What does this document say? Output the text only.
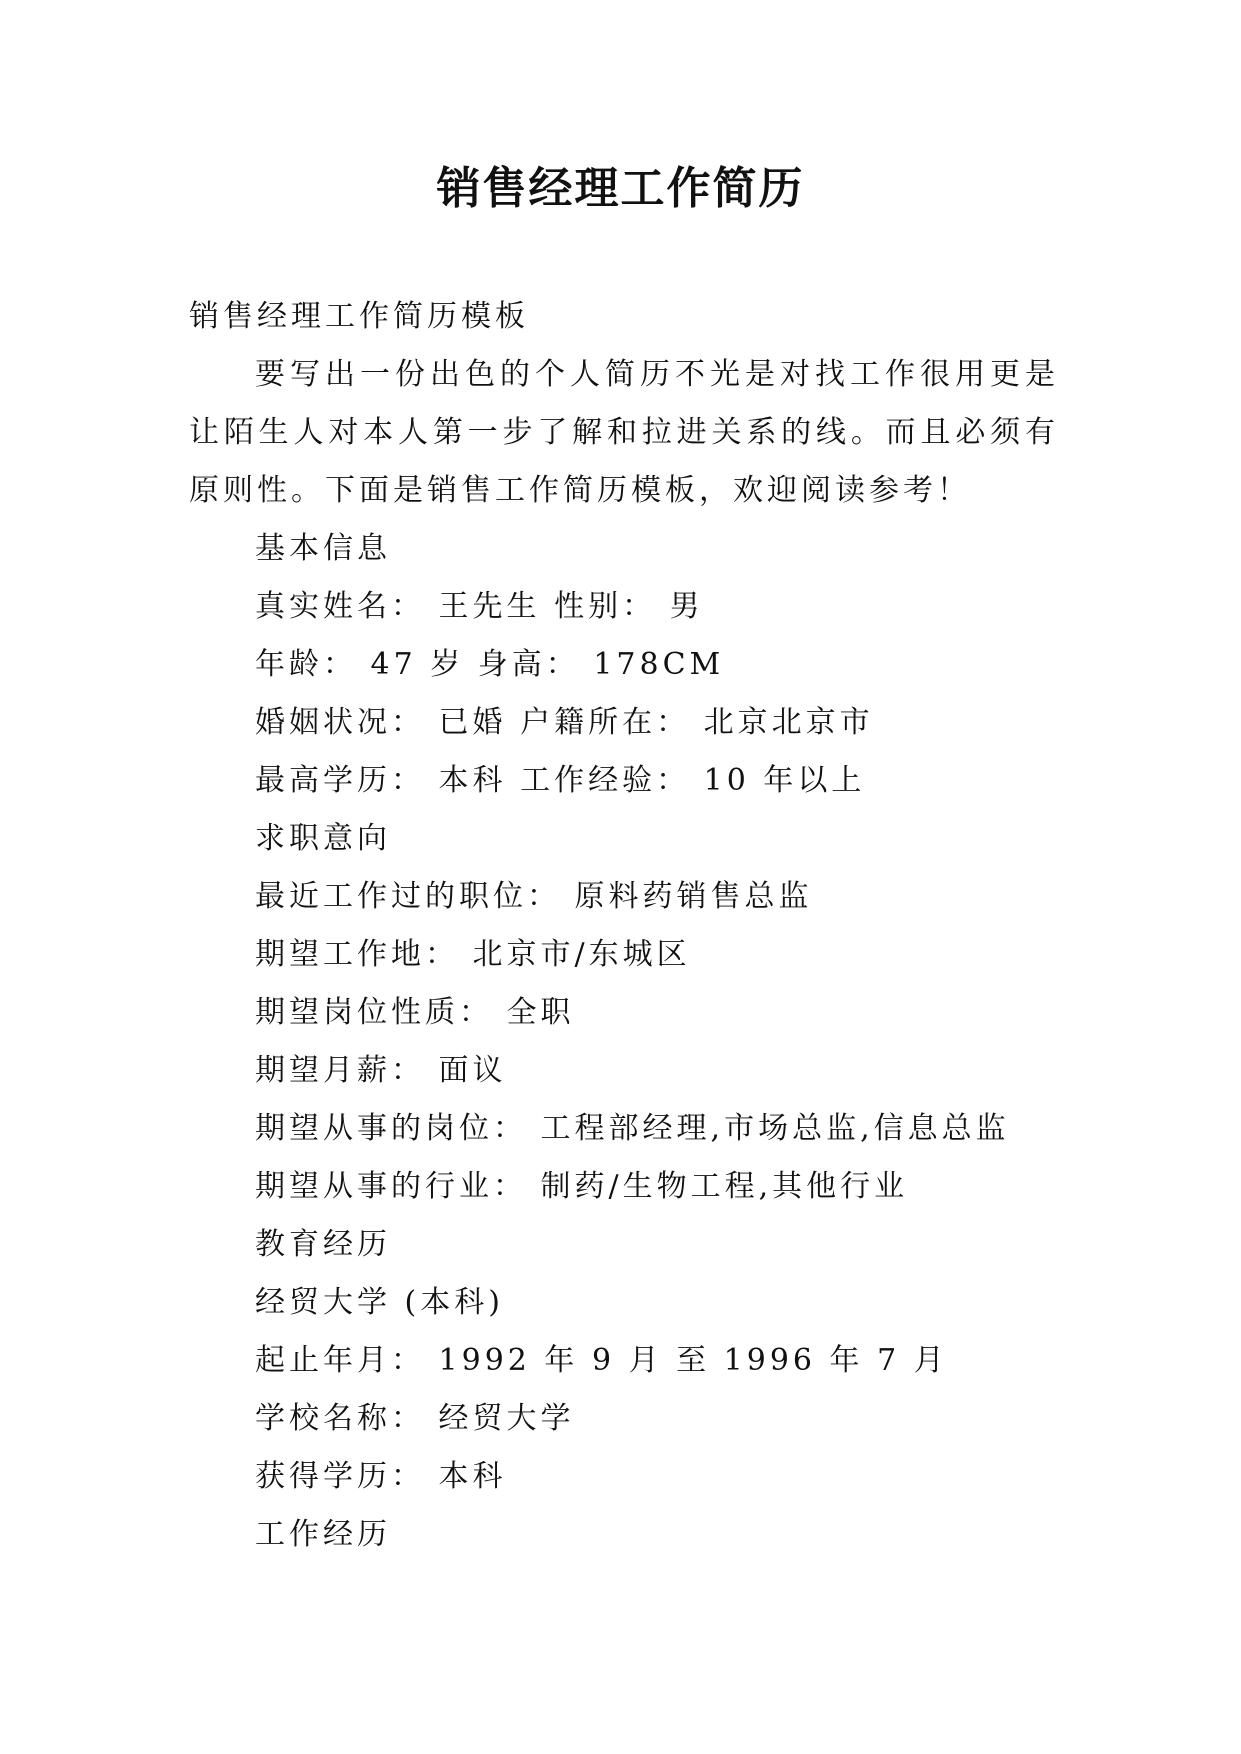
销售经理工作简历
销售经理工作简历模板
要写出一份出色的个人简历不光是对找工作很用更是让陌生人对本人第一步了解和拉进关系的线。而且必须有原则性。下面是销售工作简历模板，欢迎阅读参考！
基本信息
真实姓名： 王先生 性别： 男
年龄： 47 岁 身高： 178CM
婚姻状况： 已婚 户籍所在： 北京北京市
最高学历： 本科 工作经验： 10 年以上
求职意向
最近工作过的职位： 原料药销售总监
期望工作地： 北京市/东城区
期望岗位性质： 全职
期望月薪： 面议
期望从事的岗位： 工程部经理,市场总监,信息总监
期望从事的行业： 制药/生物工程,其他行业
教育经历
经贸大学 (本科)
起止年月： 1992 年 9 月 至 1996 年 7 月
学校名称： 经贸大学
获得学历： 本科
工作经历
